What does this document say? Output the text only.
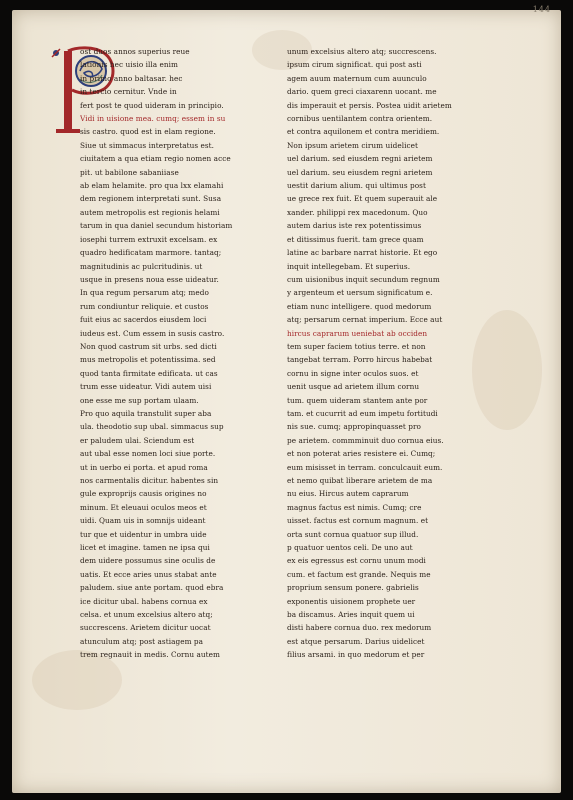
144
ost duos annos superius reue
latiōnis hec uisio illa enim
in primo anno baltasar. hec
in tercio cernitur. Vnde in
fert post te quod uideram in principio.
Vidi in uisione mea. cumq; essem in su
sis castro. quod est in elam regione.
Siue ut simmacus interpretatus est.
ciuitatem a qua etiam regio nomen acce
pit. ut babilone sabaniiase
ab elam helamite. pro qua lxx elamahi
dem regionem interpretati sunt. Susa
autem metropolis est regionis helami
tarum in qua daniel secundum historiam
iosephi turrem extruxit excelsam. ex
quadro hedificatam marmore. tantaq;
magnitudinis ac pulcritudinis. ut
usque in presens noua esse uideatur.
In qua regum persarum atq; medo
rum condiuntur reliquie. et custos
fuit eius ac sacerdos eiusdem loci
iudeus est. Cum essem in susis castro.
Non quod castrum sit urbs. sed dicti
mus metropolis et potentissima. sed
quod tanta firmitate edificata. ut cas
trum esse uideatur. Vidi autem uisi
one esse me sup portam ulaam.
Pro quo aquila transtulit super aba
ula. theodotio sup ubal. simmacus sup
er paludem ulai. Sciendum est
aut ubal esse nomen loci siue porte.
ut in uerbo ei porta. et apud roma
nos carmentalis dicitur. habentes sin
gule exproprijs causis origines no
minum. Et eleuaui oculos meos et
uidi. Quam uis in somnijs uideant
tur que et uidentur in umbra uide
licet et imagine. tamen ne ipsa qui
dem uidere possumus sine oculis de
uatis. Et ecce aries unus stabat ante
paludem. siue ante portam. quod ebra
ice dicitur ubal. habens cornua ex
celsa. et unum excelsius altero atq;
succrescens. Arietem dicitur uocat
atunculum atq; post astiagem pa
trem regnauit in medis. Cornu autem
unum excelsius altero atq; succrescens.
ipsum cirum significat. qui post asti
agem auum maternum cum auunculo
dario. quem greci ciaxarenn uocant. me
dis imperauit et persis. Postea uidit arietem
cornibus uentilantem contra orientem.
et contra aquilonem et contra meridiem.
Non ipsum arietem cirum uidelicet
uel darium. sed eiusdem regni arietem
uel darium. seu eiusdem regni arietem
uestit darium alium. qui ultimus post
ue grece rex fuit. Et quem superauit ale
xander. philippi rex macedonum. Quo
autem darius iste rex potentissimus
et ditissimus fuerit. tam grece quam
latine ac barbare narrat historie. Et ego
inquit intellegebam. Et superius.
cum uisionibus inquit secundum regnum
y argenteum et uersum significatum e.
etiam nunc intelligere. quod medorum
atq; persarum cernat imperium. Ecce aut
hircus caprarum ueniebat ab occiden
tem super faciem totius terre. et non
tangebat terram. Porro hircus habebat
cornu in signe inter oculos suos. et
uenit usque ad arietem illum cornu
tum. quem uideram stantem ante por
tam. et cucurrit ad eum impetu fortitudi
nis sue. cumq; appropinquasset pro
pe arietem. commminuit duo cornua eius.
et non poterat aries resistere ei. Cumq;
eum misisset in terram. conculcauit eum.
et nemo quibat liberare arietem de ma
nu eius. Hircus autem caprarum
magnus factus est nimis. Cumq; cre
uisset. factus est cornum magnum. et
orta sunt cornua quatuor sup illud.
p quatuor uentos celi. De uno aut
ex eis egressus est cornu unum modi
cum. et factum est grande. Nequis me
proprium sensum ponere. gabrielis
exponentis uisionem prophete uer
ba discamus. Aries inquit quem ui
disti habere cornua duo. rex medorum
est atque persarum. Darius uidelicet
filius arsami. in quo medorum et per
